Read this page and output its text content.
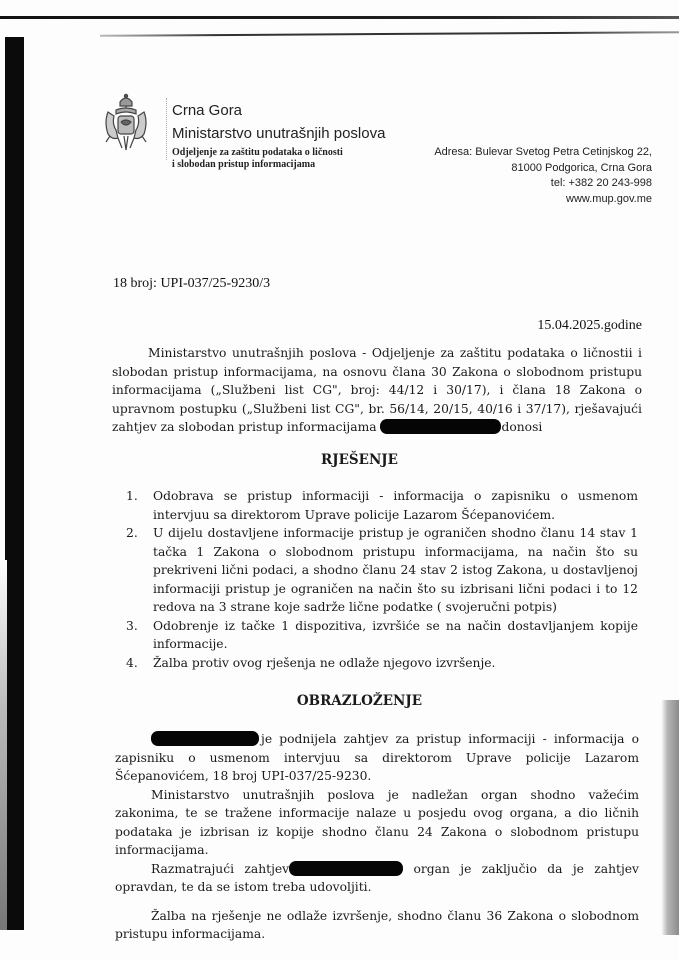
Crna Gora
Ministarstvo unutrašnjih poslova
Odjeljenje za zaštitu podataka o ličnosti
i slobodan pristup informacijama
Adresa: Bulevar Svetog Petra Cetinjskog 22,
81000 Podgorica, Crna Gora
tel: +382 20 243-998
www.mup.gov.me
18 broj: UPI-037/25-9230/3
15.04.2025.godine
Ministarstvo unutrašnjih poslova - Odjeljenje za zaštitu podataka o ličnostii i slobodan pristup informacijama, na osnovu člana 30 Zakona o slobodnom pristupu informacijama („Službeni list CG", broj: 44/12 i 30/17), i člana 18 Zakona o upravnom postupku („Službeni list CG", br. 56/14, 20/15, 40/16 i 37/17), rješavajući zahtjev za slobodan pristup informacijama	donosi
RJEŠENJE
1. Odobrava se pristup informaciji - informacija o zapisniku o usmenom intervjuu sa direktorom Uprave policije Lazarom Šćepanovićem.
2. U dijelu dostavljene informacije pristup je ograničen shodno članu 14 stav 1 tačka 1 Zakona o slobodnom pristupu informacijama, na način što su prekriveni lični podaci, a shodno članu 24 stav 2 istog Zakona, u dostavljenoj informaciji pristup je ograničen na način što su izbrisani lični podaci i to 12 redova na 3 strane koje sadrže lične podatke ( svojeručni potpis)
3. Odobrenje iz tačke 1 dispozitiva, izvršiće se na način dostavljanjem kopije informacije.
4. Žalba protiv ovog rješenja ne odlaže njegovo izvršenje.
OBRAZLOŽENJE

je podnijela zahtjev za pristup informaciji - informacija o zapisniku o usmenom intervjuu sa direktorom Uprave policije Lazarom Šćepanovićem, 18 broj UPI-037/25-9230.

Ministarstvo unutrašnjih poslova je nadležan organ shodno važećim zakonima, te se tražene informacije nalaze u posjedu ovog organa, a dio ličnih podataka je izbrisan iz kopije shodno članu 24 Zakona o slobodnom pristupu informacijama.

Razmatrajući zahtjev	organ je zaključio da je zahtjev opravdan, te da se istom treba udovoljiti.

Žalba na rješenje ne odlaže izvršenje, shodno članu 36 Zakona o slobodnom pristupu informacijama.
